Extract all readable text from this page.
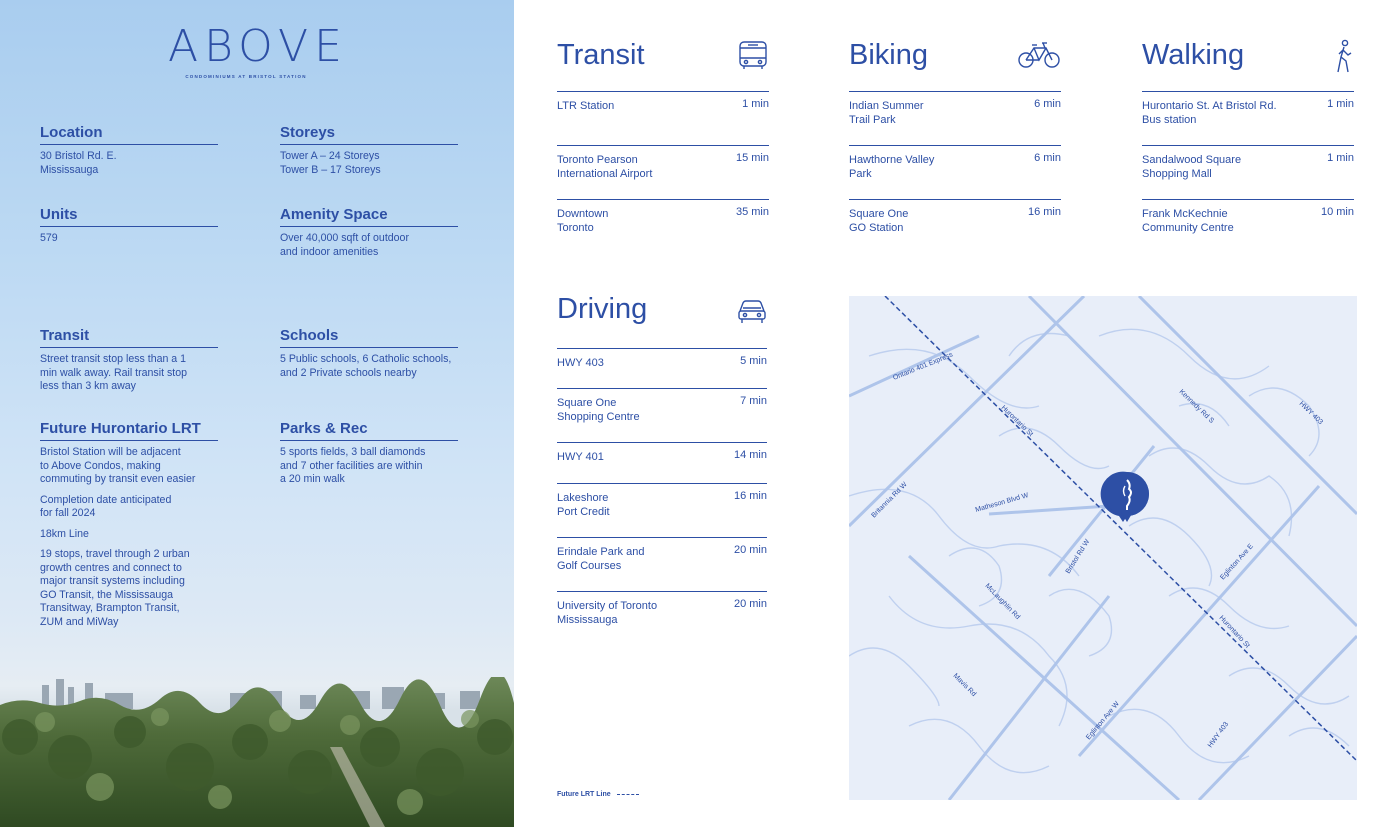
ABOVE
CONDOMINIUMS AT BRISTOL STATION
Location

30 Bristol Rd. E.
Mississauga

Storeys

Tower A – 24 Storeys
Tower B – 17 Storeys

Units

579

Amenity Space

Over 40,000 sqft of outdoor
and indoor amenities

Transit

Street transit stop less than a 1
min walk away. Rail transit stop
less than 3 km away

Schools

5 Public schools, 6 Catholic schools,
and 2 Private schools nearby

Future Hurontario LRT

Bristol Station will be adjacent
to Above Condos, making
commuting by transit even easier

Completion date anticipated
for fall 2024

18km Line

19 stops, travel through 2 urban
growth centres and connect to
major transit systems including
GO Transit, the Mississauga
Transitway, Brampton Transit,
ZUM and MiWay

Parks & Rec

5 sports fields, 3 ball diamonds
and 7 other facilities are within
a 20 min walk

Transit
LTR Station	1 min
Toronto Pearson
International Airport
15 min
Downtown
Toronto
35 min
Biking
Indian Summer
Trail Park
6 min
Hawthorne Valley
Park
6 min
Square One
GO Station
16 min
Walking
Hurontario St. At Bristol Rd.
Bus station
1 min
Sandalwood Square
Shopping Mall
1 min
Frank McKechnie
Community Centre
10 min
Driving
HWY 403	5 min
Square One
Shopping Centre
7 min
HWY 401	14 min
Lakeshore
Port Credit
16 min
Erindale Park and
Golf Courses
20 min
University of Toronto
Mississauga
20 min
Future LRT Line
Ontario 401 Express
Hurontario St	Kennedy Rd S	HWY 403
Britannia Rd W	Matheson Blvd W
Bristol Rd W	Eglinton Ave E
McLaughlin Rd
Hurontario St
Mavis Rd
Eglinton Ave W	HWY 403
